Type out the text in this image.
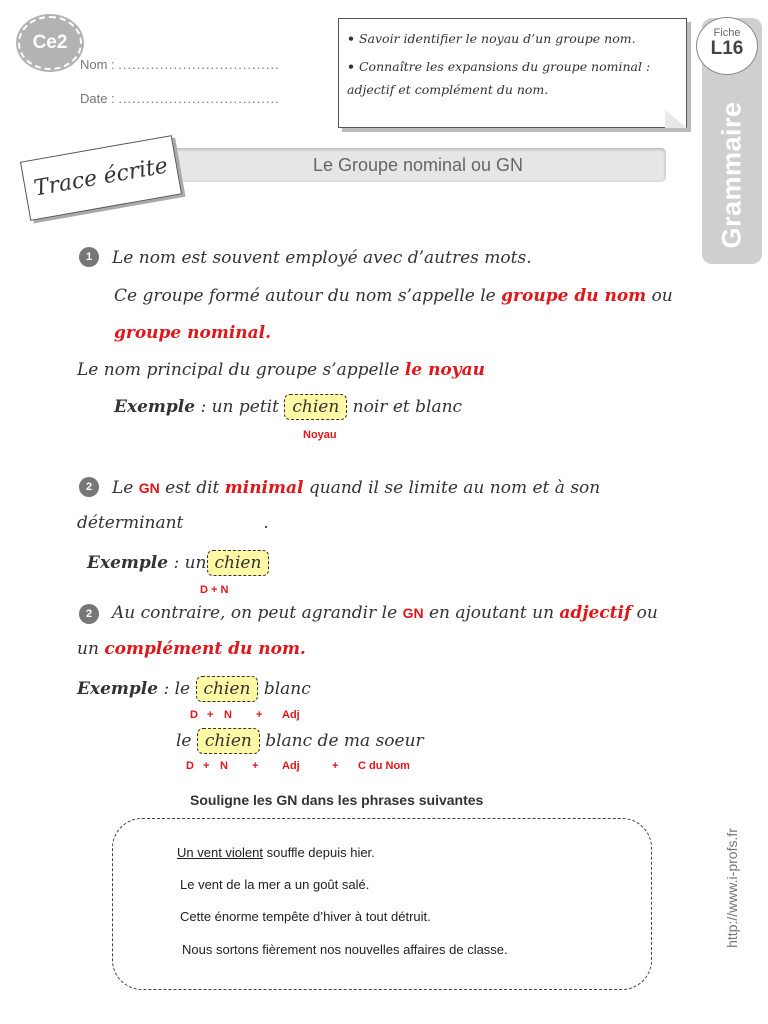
Ce2
Nom : ...................................
Date : ...................................
• Savoir identifier le noyau d’un groupe nom.
• Connaître les expansions du groupe nominal : adjectif et complément du nom.
Fiche
L16
Grammaire
Le Groupe nominal ou GN
Trace écrite
1	Le nom est souvent employé avec d’autres mots.
Ce groupe formé autour du nom s’appelle le groupe du nom ou
groupe nominal.
Le nom principal du groupe s’appelle le noyau
Exemple : un petit chien noir et blanc
Noyau
2	Le GN est dit minimal quand il se limite au nom et à son
déterminant	.
Exemple : un chien
D + N
2	Au contraire, on peut agrandir le GN en ajoutant un adjectif ou
un complément du nom.
Exemple : le chien blanc
D + N + Adj
le chien blanc de ma soeur
D + N + Adj	+ C du Nom
Souligne les GN dans les phrases suivantes
Un vent violent souffle depuis hier.
Le vent de la mer a un goût salé.
Cette énorme tempête d’hiver à tout détruit.
Nous sortons fièrement nos nouvelles affaires de classe.
http://www.i-profs.fr
